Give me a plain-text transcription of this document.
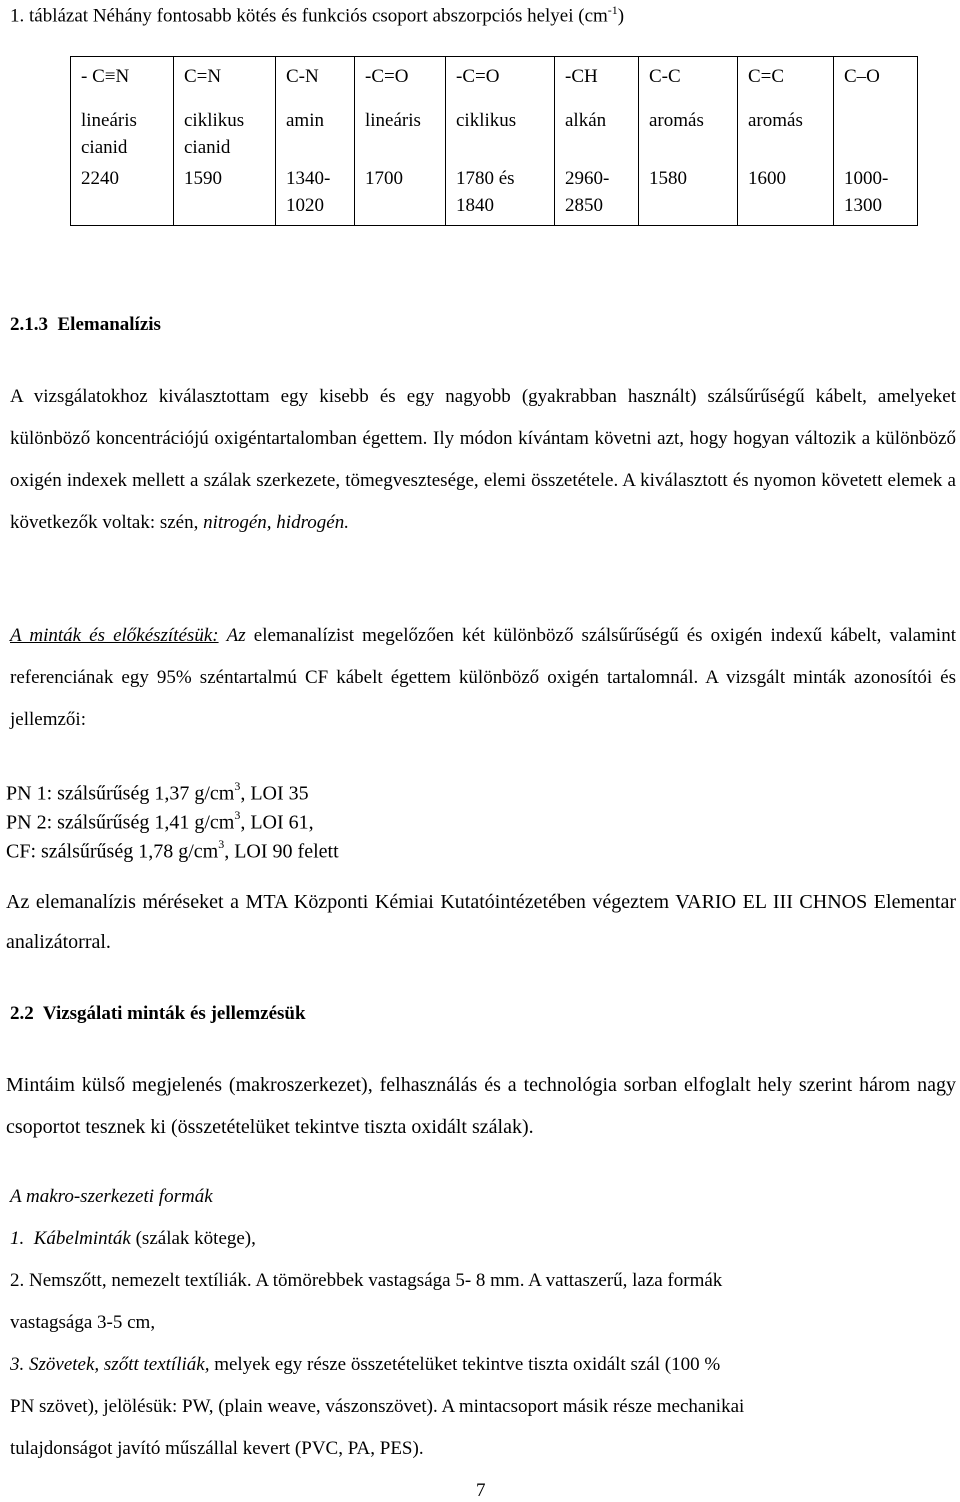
1. táblázat Néhány fontosabb kötés és funkciós csoport abszorpciós helyei $(cm^{-1})$
- C≡N	C=N	C-N	-C=O	-C=O	-CH	C-C	C=C	C–O
lineáris cianid	ciklikus cianid	amin	lineáris	ciklikus	alkán	aromás	aromás	
2240	1590	1340-1020	1700	1780 és 1840	2960-2850	1580	1600	1000-1300
2.1.3 Elemanalízis

A vizsgálatokhoz kiválasztottam egy kisebb és egy nagyobb (gyakrabban használt) szálsűrűségű kábelt, amelyeket különböző koncentrációjú oxigéntartalomban égettem. Ily módon kívántam követni azt, hogy hogyan változik a különböző oxigén indexek mellett a szálak szerkezete, tömegvesztesége, elemi összetétele. A kiválasztott és nyomon követett elemek a következők voltak: szén, nitrogén, hidrogén.

A minták és előkészítésük: Az elemanalízist megelőzően két különböző szálsűrűségű és oxigén indexű kábelt, valamint referenciának egy 95% széntartalmú CF kábelt égettem különböző oxigén tartalomnál. A vizsgált minták azonosítói és jellemzői:

PN 1: szálsűrűség 1,37 $g/cm^3$, LOI 35
PN 2: szálsűrűség 1,41 $g/cm^3$, LOI 61,
CF: szálsűrűség 1,78 $g/cm^3$, LOI 90 felett

Az elemanalízis méréseket a MTA Központi Kémiai Kutatóintézetében végeztem VARIO EL III CHNOS Elementar analizátorral.

2.2 Vizsgálati minták és jellemzésük

Mintáim külső megjelenés (makroszerkezet), felhasználás és a technológia sorban elfoglalt hely szerint három nagy csoportot tesznek ki (összetételüket tekintve tiszta oxidált szálak).

A makro-szerkezeti formák
1. Kábelminták (szálak kötege),
2. Nemszőtt, nemezelt textíliák. A tömörebbek vastagsága 5- 8 mm. A vattaszerű, laza formák
vastagsága 3-5 cm,
3. Szövetek, szőtt textíliák, melyek egy része összetételüket tekintve tiszta oxidált szál (100 %
PN szövet), jelölésük: PW, (plain weave, vászonszövet). A mintacsoport másik része mechanikai
tulajdonságot javító műszállal kevert (PVC, PA, PES).
7
